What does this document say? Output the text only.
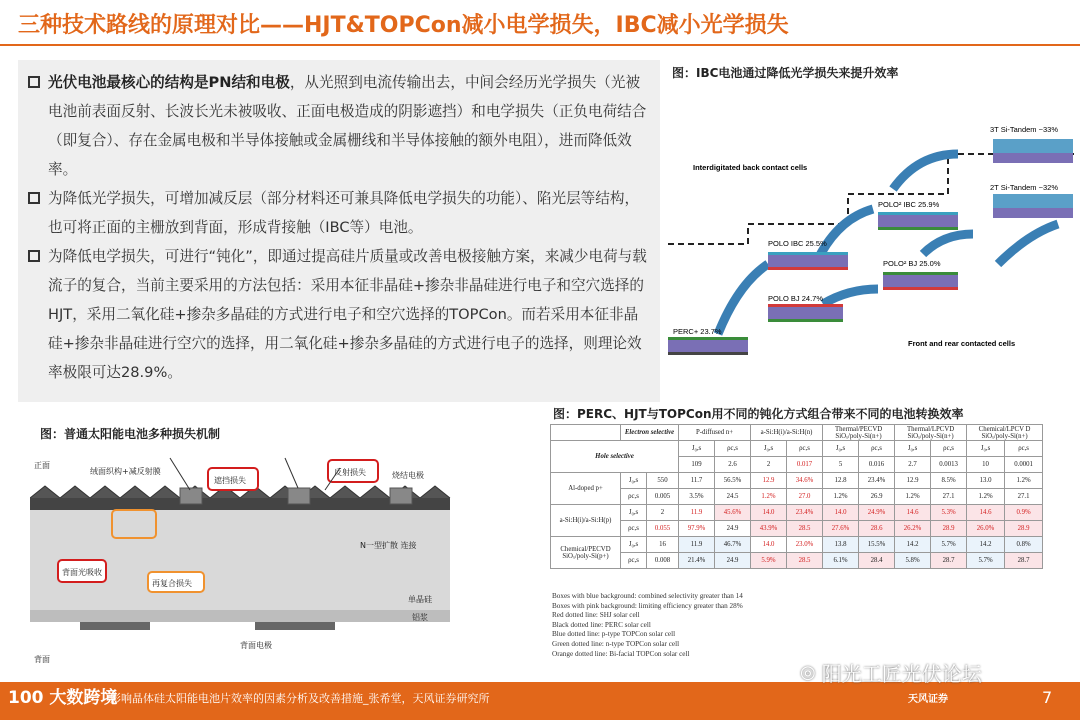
三种技术路线的原理对比——HJT&TOPCon减小电学损失，IBC减小光学损失
光伏电池最核心的结构是PN结和电极，从光照到电流传输出去，中间会经历光学损失（光被电池前表面反射、长波长光未被吸收、正面电极造成的阴影遮挡）和电学损失（正负电荷结合（即复合）、存在金属电极和半导体接触或金属栅线和半导体接触的额外电阻），进而降低效率。
为降低光学损失，可增加减反层（部分材料还可兼具降低电学损失的功能）、陷光层等结构，也可将正面的主栅放到背面，形成背接触（IBC等）电池。
为降低电学损失，可进行“钝化”，即通过提高硅片质量或改善电极接触方案，来减少电荷与载流子的复合，当前主要采用的方法包括：采用本征非晶硅+掺杂非晶硅进行电子和空穴选择的HJT，采用二氧化硅+掺杂多晶硅的方式进行电子和空穴选择的TOPCon。而若采用本征非晶硅+掺杂非晶硅进行空穴的选择，用二氧化硅+掺杂多晶硅的方式进行电子的选择，则理论效率极限可达28.9%。
图：IBC电池通过降低光学损失来提升效率
Interdigitated back contact cells
Front and rear contacted cells
PERC+ 23.7%
POLO BJ 24.7%
POLO IBC 25.5%
POLO² BJ 25.0%
POLO² IBC 25.9%
2T Si-Tandem ~32%
3T Si-Tandem ~33%
图：普通太阳能电池多种损失机制
正面
绒面织构+减反射膜
遮挡损失
反射损失	烧结电极
N一型扩散 连接
背面光吸收
再复合损失
单晶硅
铝浆
背面电极
背面
图：PERC、HJT与TOPCon用不同的钝化方式组合带来不同的电池转换效率
	Electron selective		P-diffused n+		a-Si:H(i)/a-Si:H(n)		Thermal/PECVD SiOₓ/poly-Si(n+)		Thermal/LPCVD SiOₓ/poly-Si(n+)		Chemical/LPCV D SiOₓ/poly-Si(n+)	
Hole selective			J₀,s	ρc,s	J₀,s	ρc,s	J₀,s	ρc,s	J₀,s	ρc,s	J₀,s	ρc,s
			109	2.6	2	0.017	5	0.016	2.7	0.0013	10	0.0001
Al-doped p+	J₀,s	550	11.7	56.5%	12.9	34.6%	12.8	23.4%	12.9	8.5%	13.0	1.2%
	ρc,s	0.005	3.5%	24.5	1.2%	27.0	1.2%	26.9	1.2%	27.1	1.2%	27.1
a-Si:H(i)/a-Si:H(p)	J₀,s	2	11.9	45.6%	14.0	23.4%	14.0	24.9%	14.6	5.3%	14.6	0.9%
	ρc,s	0.055	97.9%	24.9	43.9%	28.5	27.6%	28.6	26.2%	28.9	26.0%	28.9
Chemical/PECVD SiOₓ/poly-Si(p+)	J₀,s	16	11.9	46.7%	14.0	23.0%	13.8	15.5%	14.2	5.7%	14.2	0.8%
	ρc,s	0.008	21.4%	24.9	5.9%	28.5	6.1%	28.4	5.8%	28.7	5.7%	28.7
Boxes with blue background: combined selectivity greater than 14
Boxes with pink background: limiting efficiency greater than 28%
Red dotted line: SHJ solar cell
Black dotted line: PERC solar cell
Blue dotted line: p-type TOPCon solar cell
Green dotted line: n-type TOPCon solar cell
Orange dotted line: Bi-facial TOPCon solar cell
100 大数跨境
影响晶体硅太阳能电池片效率的因素分析及改善措施_张希堂，天风证券研究所
◎ 阳光工匠光伏论坛
天风证券	7
